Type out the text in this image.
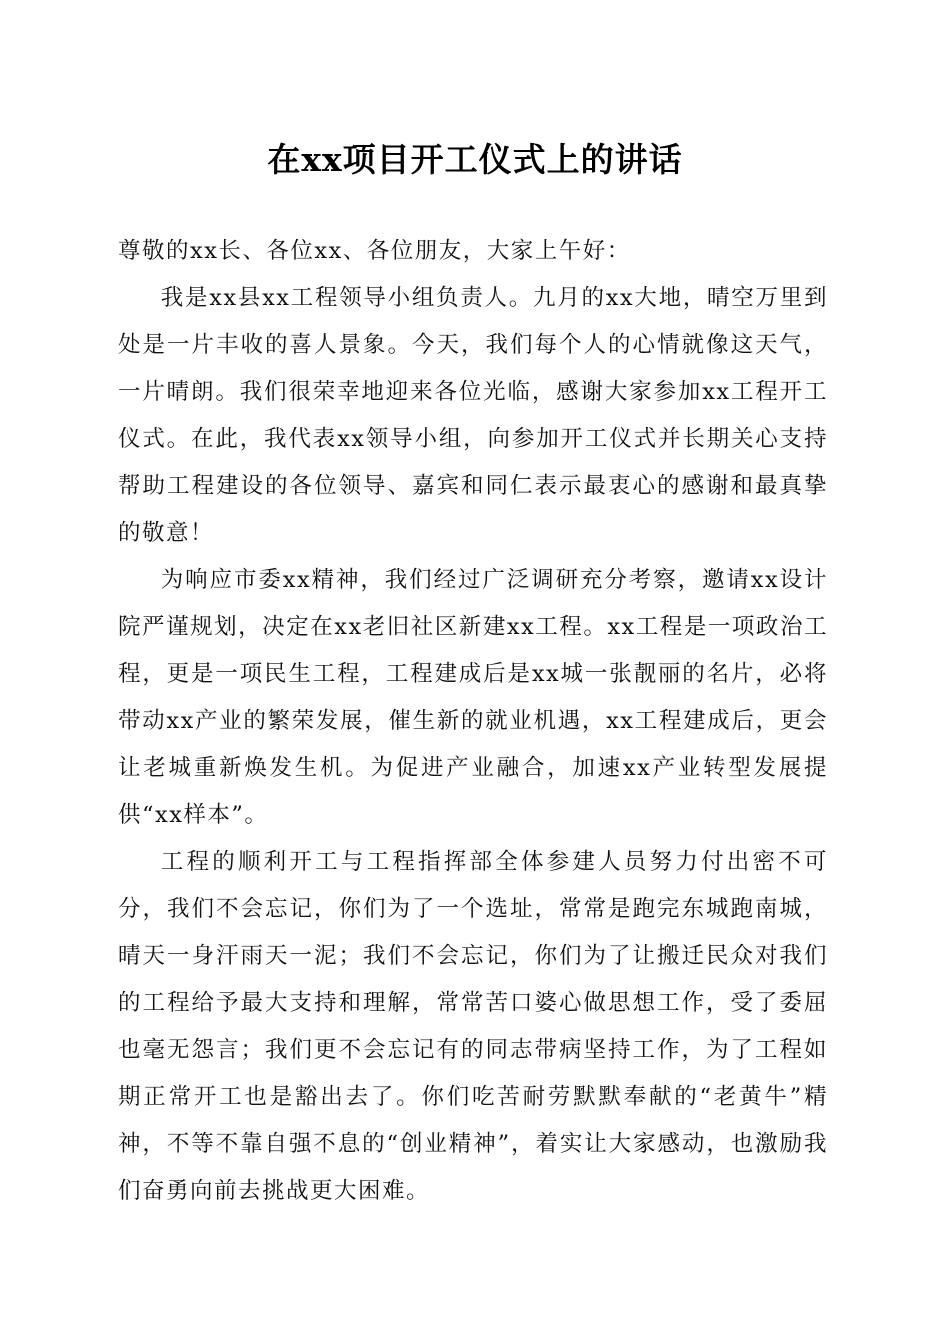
在xx项目开工仪式上的讲话

尊敬的xx长、各位xx、各位朋友，大家上午好：

我是xx县xx工程领导小组负责人。九月的xx大地，晴空万里到处是一片丰收的喜人景象。今天，我们每个人的心情就像这天气，一片晴朗。我们很荣幸地迎来各位光临，感谢大家参加xx工程开工仪式。在此，我代表xx领导小组，向参加开工仪式并长期关心支持帮助工程建设的各位领导、嘉宾和同仁表示最衷心的感谢和最真挚的敬意！

为响应市委xx精神，我们经过广泛调研充分考察，邀请xx设计院严谨规划，决定在xx老旧社区新建xx工程。xx工程是一项政治工程，更是一项民生工程，工程建成后是xx城一张靓丽的名片，必将带动xx产业的繁荣发展，催生新的就业机遇，xx工程建成后，更会让老城重新焕发生机。为促进产业融合，加速xx产业转型发展提供“xx样本”。

工程的顺利开工与工程指挥部全体参建人员努力付出密不可分，我们不会忘记，你们为了一个选址，常常是跑完东城跑南城，晴天一身汗雨天一泥；我们不会忘记，你们为了让搬迁民众对我们的工程给予最大支持和理解，常常苦口婆心做思想工作，受了委屈也毫无怨言；我们更不会忘记有的同志带病坚持工作，为了工程如期正常开工也是豁出去了。你们吃苦耐劳默默奉献的“老黄牛”精神，不等不靠自强不息的“创业精神”，着实让大家感动，也激励我们奋勇向前去挑战更大困难。
